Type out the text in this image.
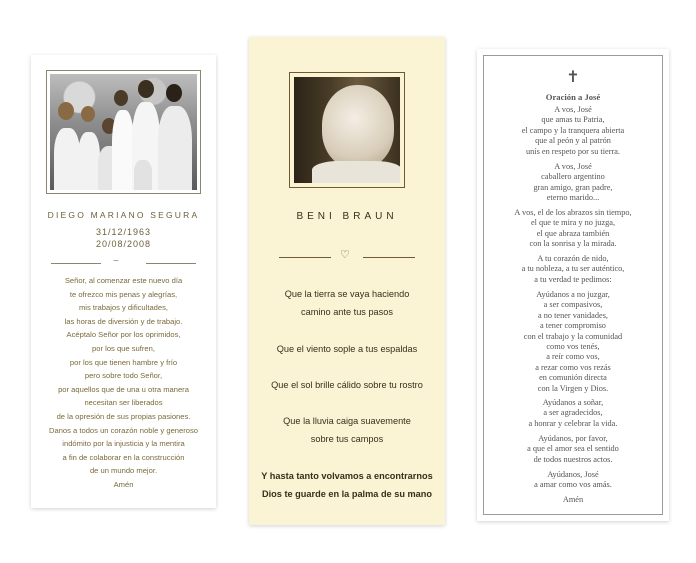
DIEGO MARIANO SEGURA
31/12/1963
20/08/2008
~
Señor, al comenzar este nuevo día
te ofrezco mis penas y alegrías,
mis trabajos y dificultades,
las horas de diversión y de trabajo.
Acéptalo Señor por los oprimidos,
por los que sufren,
por los que tienen hambre y frío
pero sobre todo Señor,
por aquellos que de una u otra manera
necesitan ser liberados
de la opresión de sus propias pasiones.
Danos a todos un corazón noble y generoso
indómito por la injusticia y la mentira
a fin de colaborar en la construcción
de un mundo mejor.
Amén
BENI BRAUN
♡
Que la tierra se vaya haciendo
camino ante tus pasos
Que el viento sople a tus espaldas
Que el sol brille cálido sobre tu rostro
Que la lluvia caiga suavemente
sobre tus campos
Y hasta tanto volvamos a encontrarnos
Dios te guarde en la palma de su mano
✝
Oración a José
A vos, José
que amas tu Patria,
el campo y la tranquera abierta
que al peón y al patrón
unís en respeto por su tierra.
A vos, José
caballero argentino
gran amigo, gran padre,
eterno marido...
A vos, el de los abrazos sin tiempo,
el que te mira y no juzga,
el que abraza también
con la sonrisa y la mirada.
A tu corazón de nido,
a tu nobleza, a tu ser auténtico,
a tu verdad te pedimos:
Ayúdanos a no juzgar,
a ser compasivos,
a no tener vanidades,
a tener compromiso
con el trabajo y la comunidad
como vos tenés,
a reír como vos,
a rezar como vos rezás
en comunión directa
con la Virgen y Dios.
Ayúdanos a soñar,
a ser agradecidos,
a honrar y celebrar la vida.
Ayúdanos, por favor,
a que el amor sea el sentido
de todos nuestros actos.
Ayúdanos, José
a amar como vos amás.
Amén
